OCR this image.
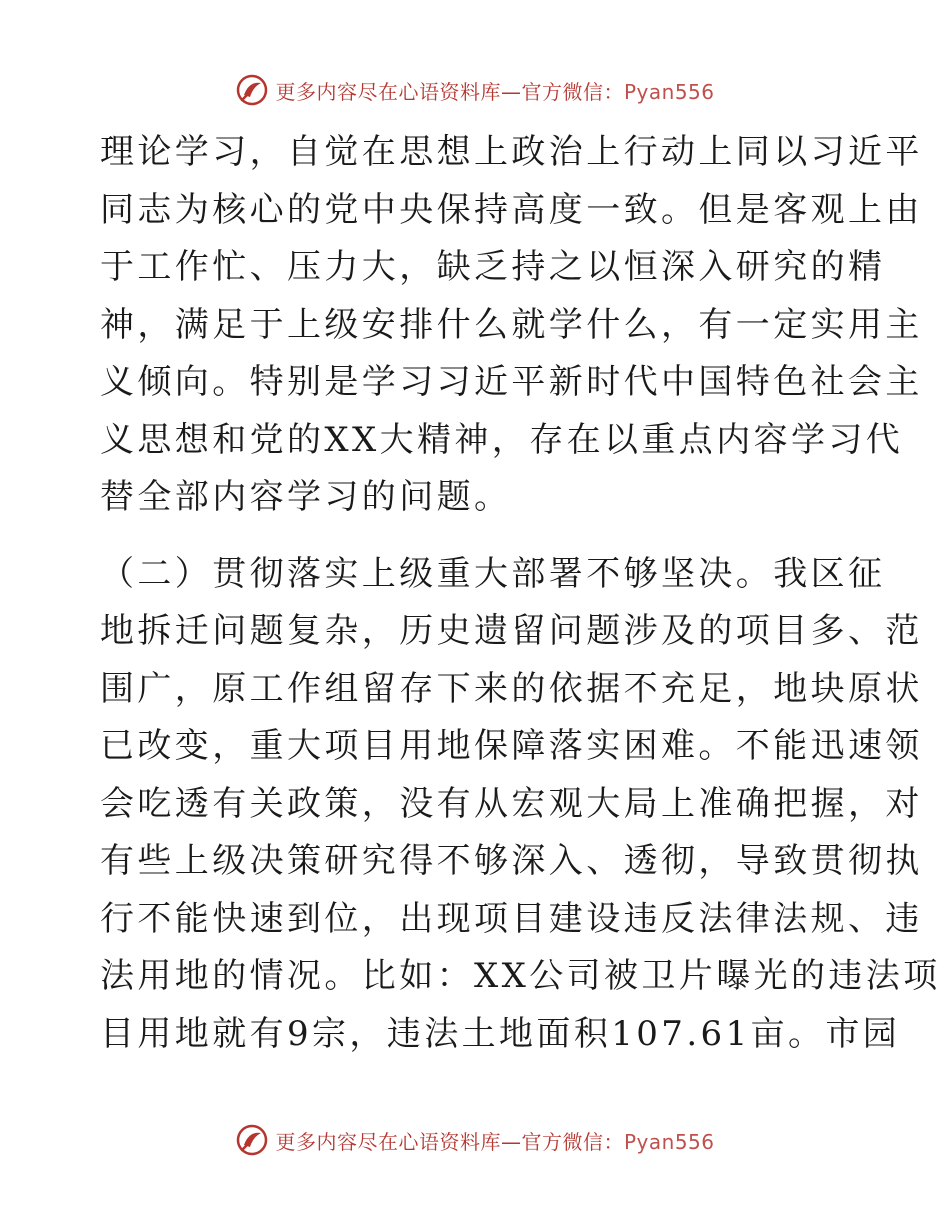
更多内容尽在心语资料库—官方微信：Pyan556
理论学习，自觉在思想上政治上行动上同以习近平
同志为核心的党中央保持高度一致。但是客观上由
于工作忙、压力大，缺乏持之以恒深入研究的精
神，满足于上级安排什么就学什么，有一定实用主
义倾向。特别是学习习近平新时代中国特色社会主
义思想和党的XX大精神，存在以重点内容学习代
替全部内容学习的问题。
（二）贯彻落实上级重大部署不够坚决。我区征
地拆迁问题复杂，历史遗留问题涉及的项目多、范
围广，原工作组留存下来的依据不充足，地块原状
已改变，重大项目用地保障落实困难。不能迅速领
会吃透有关政策，没有从宏观大局上准确把握，对
有些上级决策研究得不够深入、透彻，导致贯彻执
行不能快速到位，出现项目建设违反法律法规、违
法用地的情况。比如：XX公司被卫片曝光的违法项
目用地就有9宗，违法土地面积107.61亩。市园
更多内容尽在心语资料库—官方微信：Pyan556
